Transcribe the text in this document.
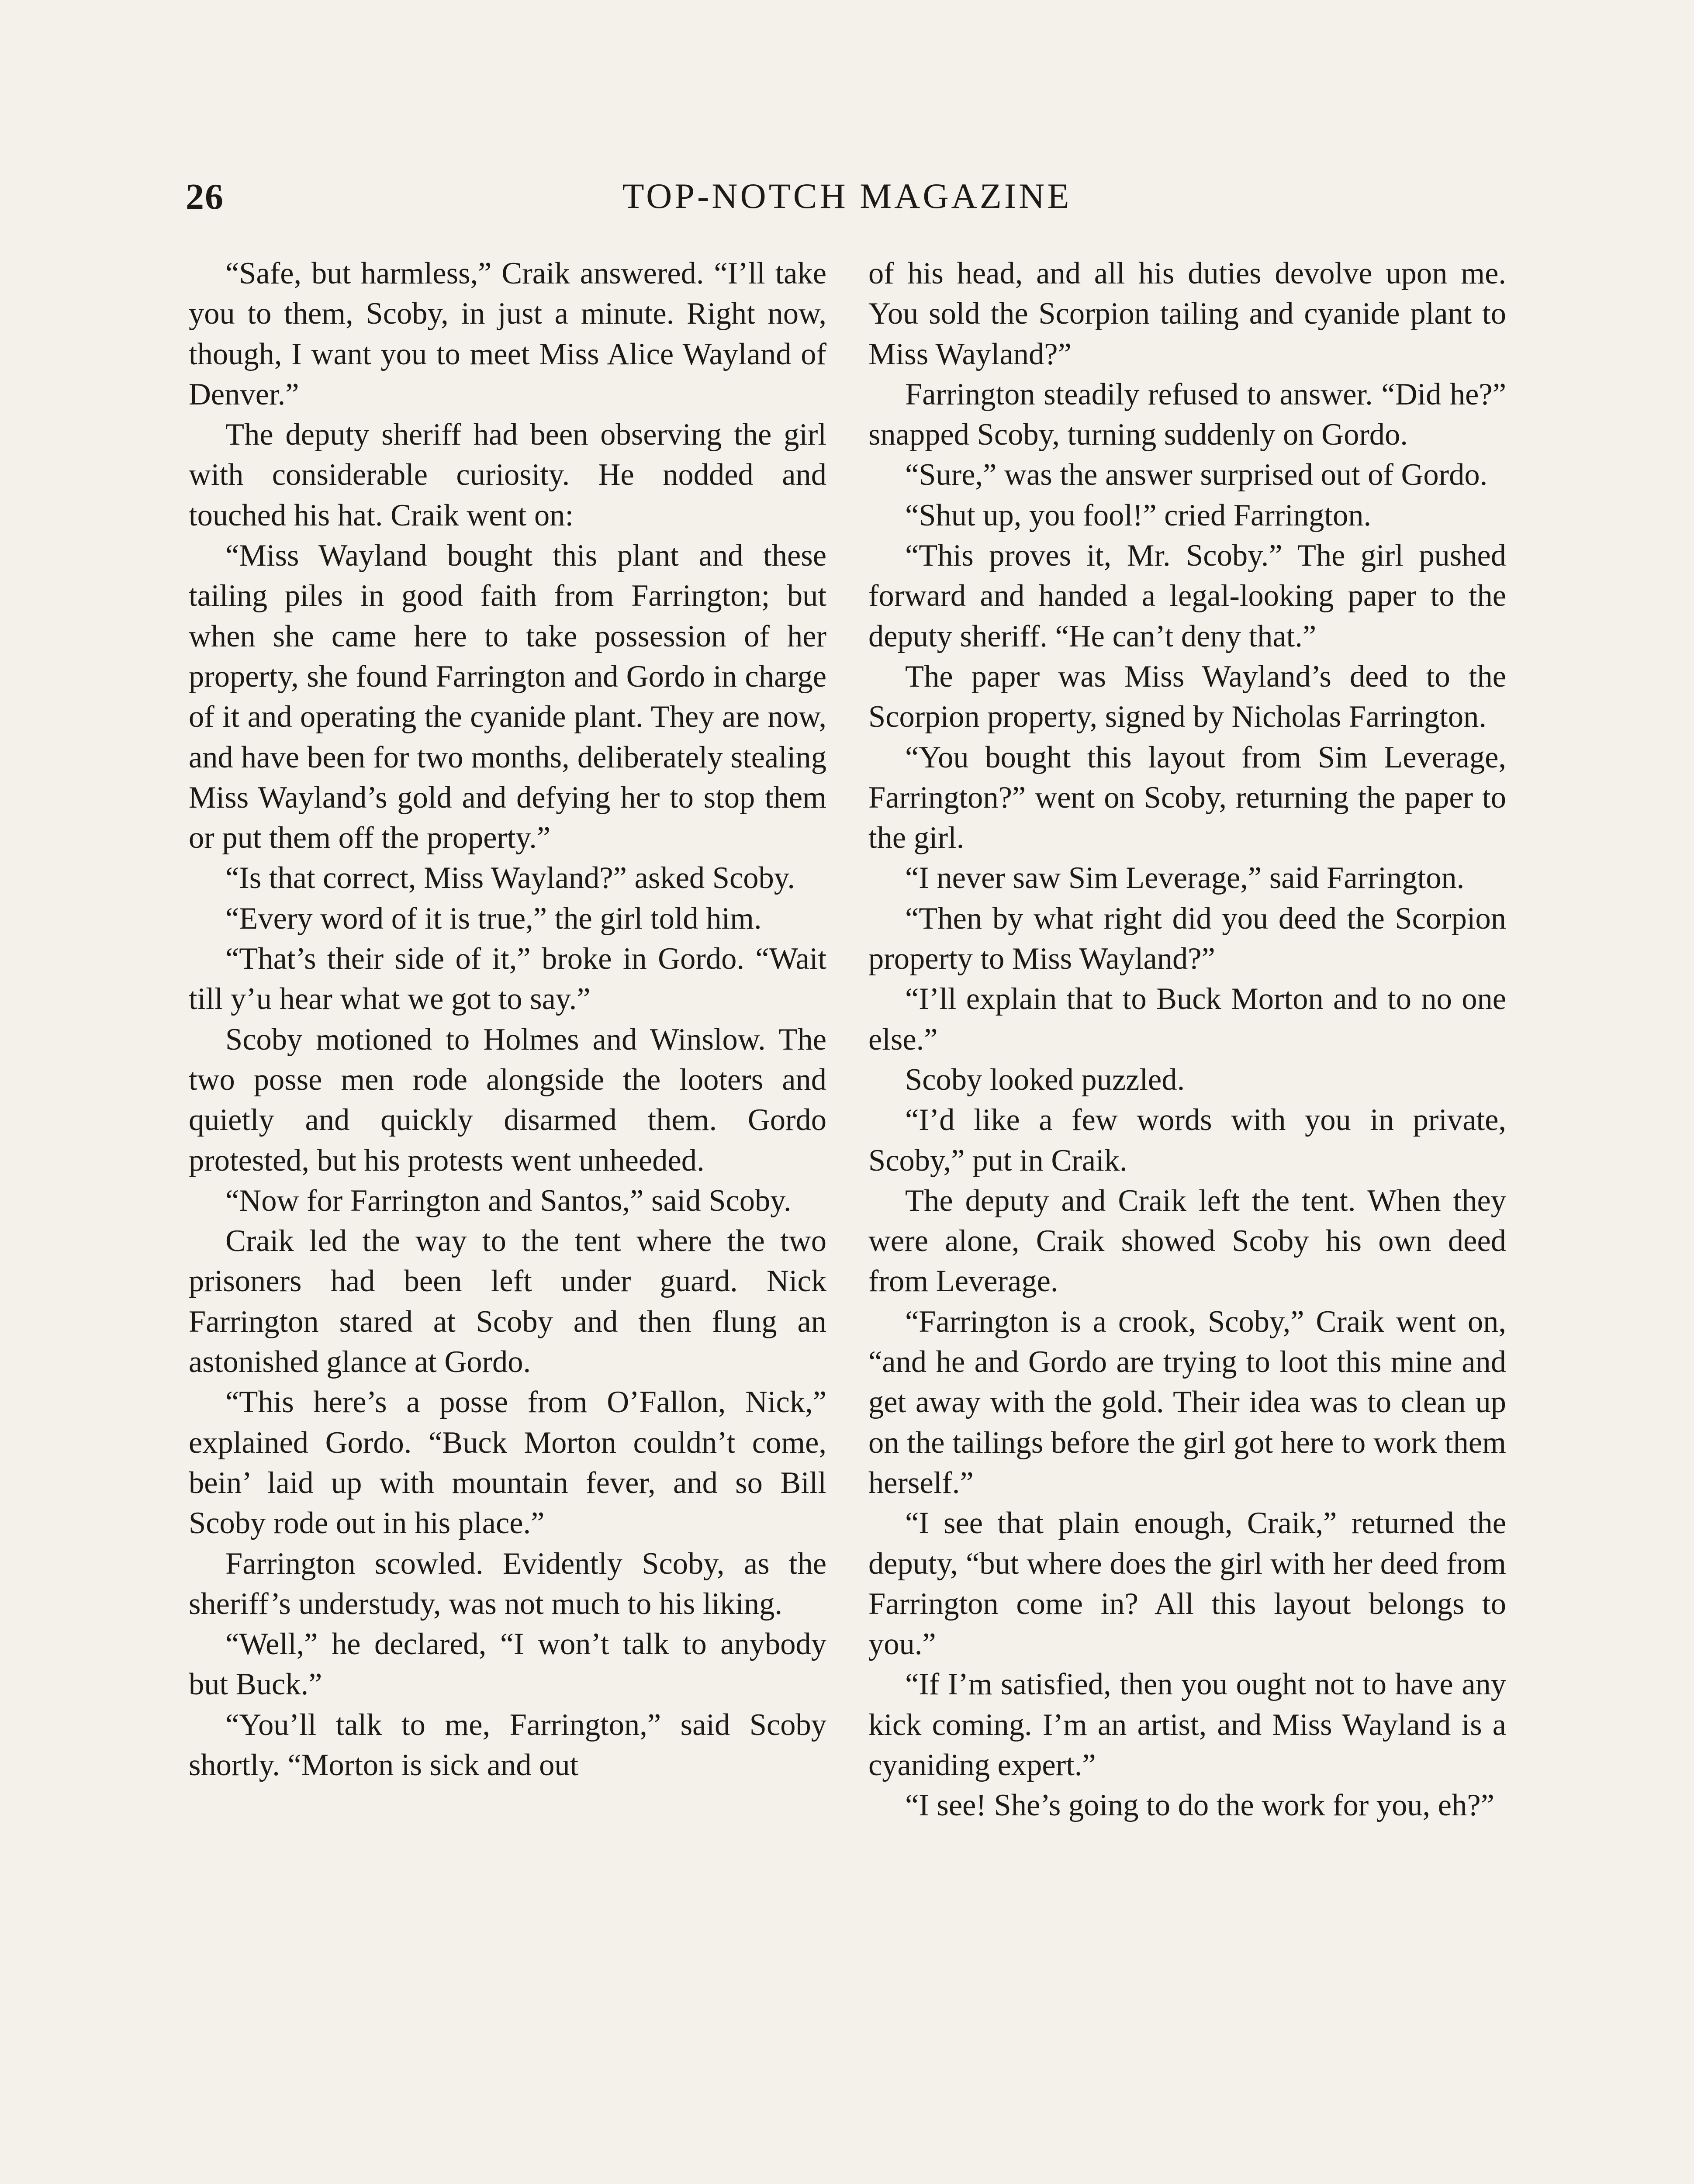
26	TOP-NOTCH MAGAZINE

“Safe, but harmless,” Craik answered. “I’ll take you to them, Scoby, in just a minute. Right now, though, I want you to meet Miss Alice Wayland of Denver.”

The deputy sheriff had been observing the girl with considerable curiosity. He nodded and touched his hat. Craik went on:

“Miss Wayland bought this plant and these tailing piles in good faith from Farrington; but when she came here to take possession of her property, she found Farrington and Gordo in charge of it and operating the cyanide plant. They are now, and have been for two months, deliberately stealing Miss Wayland’s gold and defying her to stop them or put them off the property.”

“Is that correct, Miss Wayland?” asked Scoby.

“Every word of it is true,” the girl told him.

“That’s their side of it,” broke in Gordo. “Wait till y’u hear what we got to say.”

Scoby motioned to Holmes and Winslow. The two posse men rode alongside the looters and quietly and quickly disarmed them. Gordo protested, but his protests went unheeded.

“Now for Farrington and Santos,” said Scoby.

Craik led the way to the tent where the two prisoners had been left under guard. Nick Farrington stared at Scoby and then flung an astonished glance at Gordo.

“This here’s a posse from O’Fallon, Nick,” explained Gordo. “Buck Morton couldn’t come, bein’ laid up with mountain fever, and so Bill Scoby rode out in his place.”

Farrington scowled. Evidently Scoby, as the sheriff’s understudy, was not much to his liking.

“Well,” he declared, “I won’t talk to anybody but Buck.”

“You’ll talk to me, Farrington,” said Scoby shortly. “Morton is sick and out

of his head, and all his duties devolve upon me. You sold the Scorpion tailing and cyanide plant to Miss Wayland?”

Farrington steadily refused to answer. “Did he?” snapped Scoby, turning suddenly on Gordo.

“Sure,” was the answer surprised out of Gordo.

“Shut up, you fool!” cried Farrington.

“This proves it, Mr. Scoby.” The girl pushed forward and handed a legal-looking paper to the deputy sheriff. “He can’t deny that.”

The paper was Miss Wayland’s deed to the Scorpion property, signed by Nicholas Farrington.

“You bought this layout from Sim Leverage, Farrington?” went on Scoby, returning the paper to the girl.

“I never saw Sim Leverage,” said Farrington.

“Then by what right did you deed the Scorpion property to Miss Wayland?”

“I’ll explain that to Buck Morton and to no one else.”

Scoby looked puzzled.

“I’d like a few words with you in private, Scoby,” put in Craik.

The deputy and Craik left the tent. When they were alone, Craik showed Scoby his own deed from Leverage.

“Farrington is a crook, Scoby,” Craik went on, “and he and Gordo are trying to loot this mine and get away with the gold. Their idea was to clean up on the tailings before the girl got here to work them herself.”

“I see that plain enough, Craik,” returned the deputy, “but where does the girl with her deed from Farrington come in? All this layout belongs to you.”

“If I’m satisfied, then you ought not to have any kick coming. I’m an artist, and Miss Wayland is a cyaniding expert.”

“I see! She’s going to do the work for you, eh?”
